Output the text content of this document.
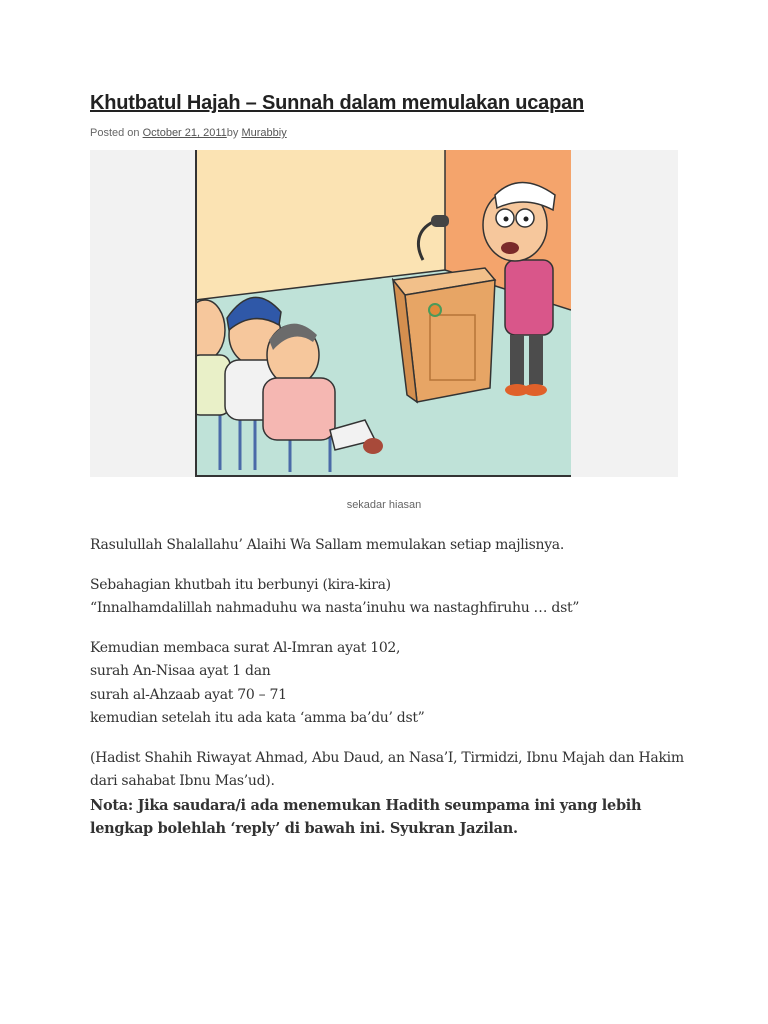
Khutbatul Hajah – Sunnah dalam memulakan ucapan
Posted on October 21, 2011by Murabbiy
sekadar hiasan

Rasulullah Shalallahu’ Alaihi Wa Sallam memulakan setiap majlisnya.

Sebahagian khutbah itu berbunyi (kira-kira)
“Innalhamdalillah nahmaduhu wa nasta’inuhu wa nastaghfiruhu … dst”

Kemudian membaca surat Al-Imran ayat 102,
surah An-Nisaa ayat 1 dan
surah al-Ahzaab ayat 70 – 71
kemudian setelah itu ada kata ‘amma ba’du’ dst”

(Hadist Shahih Riwayat Ahmad, Abu Daud, an Nasa’I, Tirmidzi, Ibnu Majah dan Hakim
dari sahabat Ibnu Mas’ud).
Nota: Jika saudara/i ada menemukan Hadith seumpama ini yang lebih
lengkap bolehlah ‘reply’ di bawah ini. Syukran Jazilan.
